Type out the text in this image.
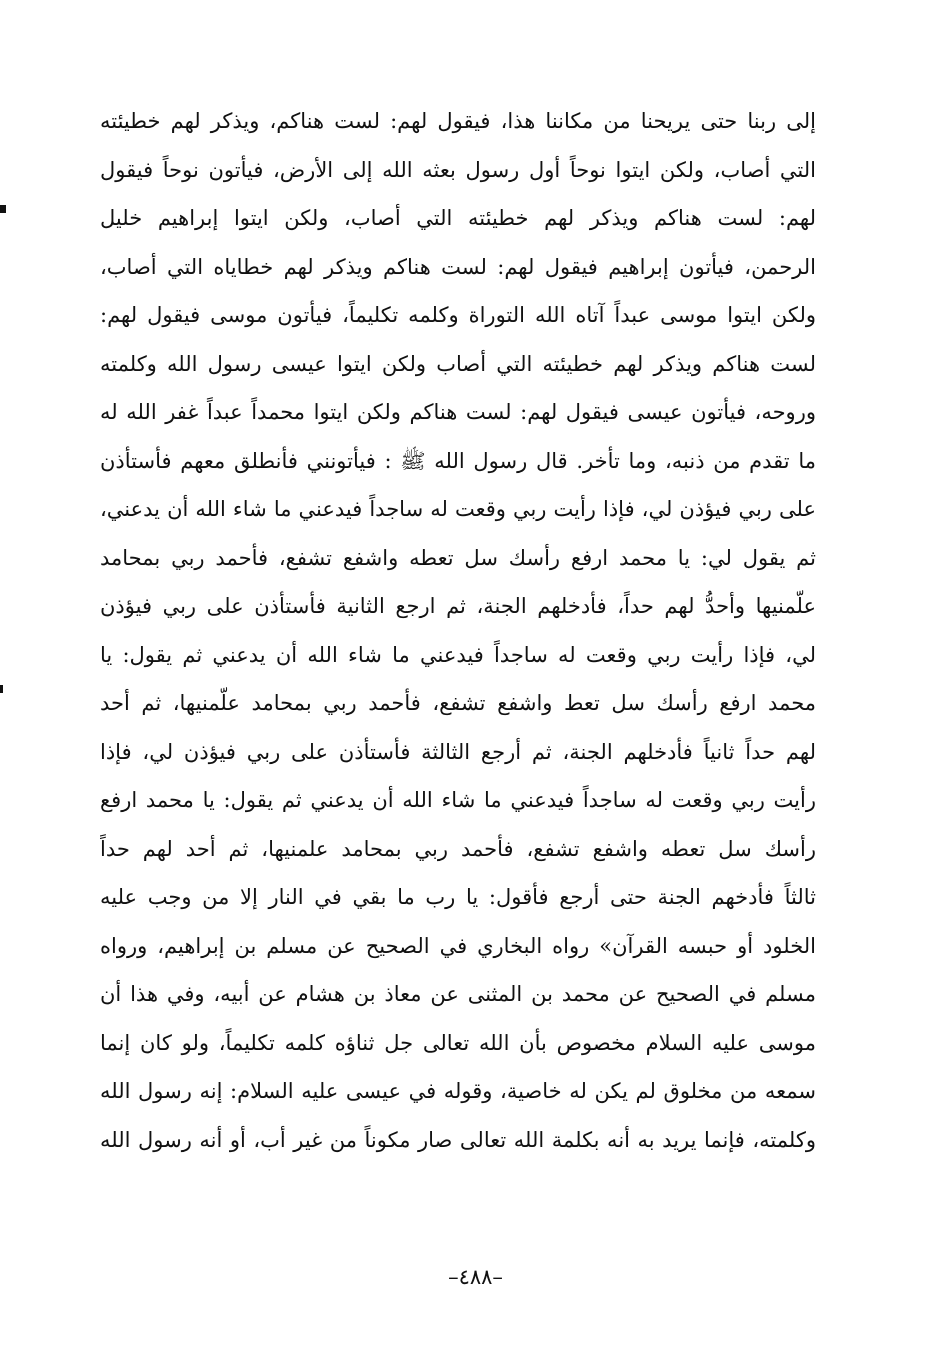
إلى ربنا حتى يريحنا من مكاننا هذا، فيقول لهم: لست هناكم، ويذكر لهم خطيئته
التي أصاب، ولكن ايتوا نوحاً أول رسول بعثه الله إلى الأرض، فيأتون نوحاً فيقول
لهم: لست هناكم ويذكر لهم خطيئته التي أصاب، ولكن ايتوا إبراهيم خليل
الرحمن، فيأتون إبراهيم فيقول لهم: لست هناكم ويذكر لهم خطاياه التي أصاب،
ولكن ايتوا موسى عبداً آتاه الله التوراة وكلمه تكليماً، فيأتون موسى فيقول لهم:
لست هناكم ويذكر لهم خطيئته التي أصاب ولكن ايتوا عيسى رسول الله وكلمته
وروحه، فيأتون عيسى فيقول لهم: لست هناكم ولكن ايتوا محمداً عبداً غفر الله له
ما تقدم من ذنبه، وما تأخر. قال رسول الله ﷺ : فيأتونني فأنطلق معهم فأستأذن
على ربي فيؤذن لي، فإذا رأيت ربي وقعت له ساجداً فيدعني ما شاء الله أن يدعني،
ثم يقول لي: يا محمد ارفع رأسك سل تعطه واشفع تشفع، فأحمد ربي بمحامد
علّمنيها وأحدُّ لهم حداً، فأدخلهم الجنة، ثم ارجع الثانية فأستأذن على ربي فيؤذن
لي، فإذا رأيت ربي وقعت له ساجداً فيدعني ما شاء الله أن يدعني ثم يقول: يا
محمد ارفع رأسك سل تعط واشفع تشفع، فأحمد ربي بمحامد علّمنيها، ثم أحد
لهم حداً ثانياً فأدخلهم الجنة، ثم أرجع الثالثة فأستأذن على ربي فيؤذن لي، فإذا
رأيت ربي وقعت له ساجداً فيدعني ما شاء الله أن يدعني ثم يقول: يا محمد ارفع
رأسك سل تعطه واشفع تشفع، فأحمد ربي بمحامد علمنيها، ثم أحد لهم حداً
ثالثاً فأدخهم الجنة حتى أرجع فأقول: يا رب ما بقي في النار إلا من وجب عليه
الخلود أو حبسه القرآن» رواه البخاري في الصحيح عن مسلم بن إبراهيم، ورواه
مسلم في الصحيح عن محمد بن المثنى عن معاذ بن هشام عن أبيه، وفي هذا أن
موسى عليه السلام مخصوص بأن الله تعالى جل ثناؤه كلمه تكليماً، ولو كان إنما
سمعه من مخلوق لم يكن له خاصية، وقوله في عيسى عليه السلام: إنه رسول الله
وكلمته، فإنما يريد به أنه بكلمة الله تعالى صار مكوناً من غير أب، أو أنه رسول الله
–٤٨٨–
